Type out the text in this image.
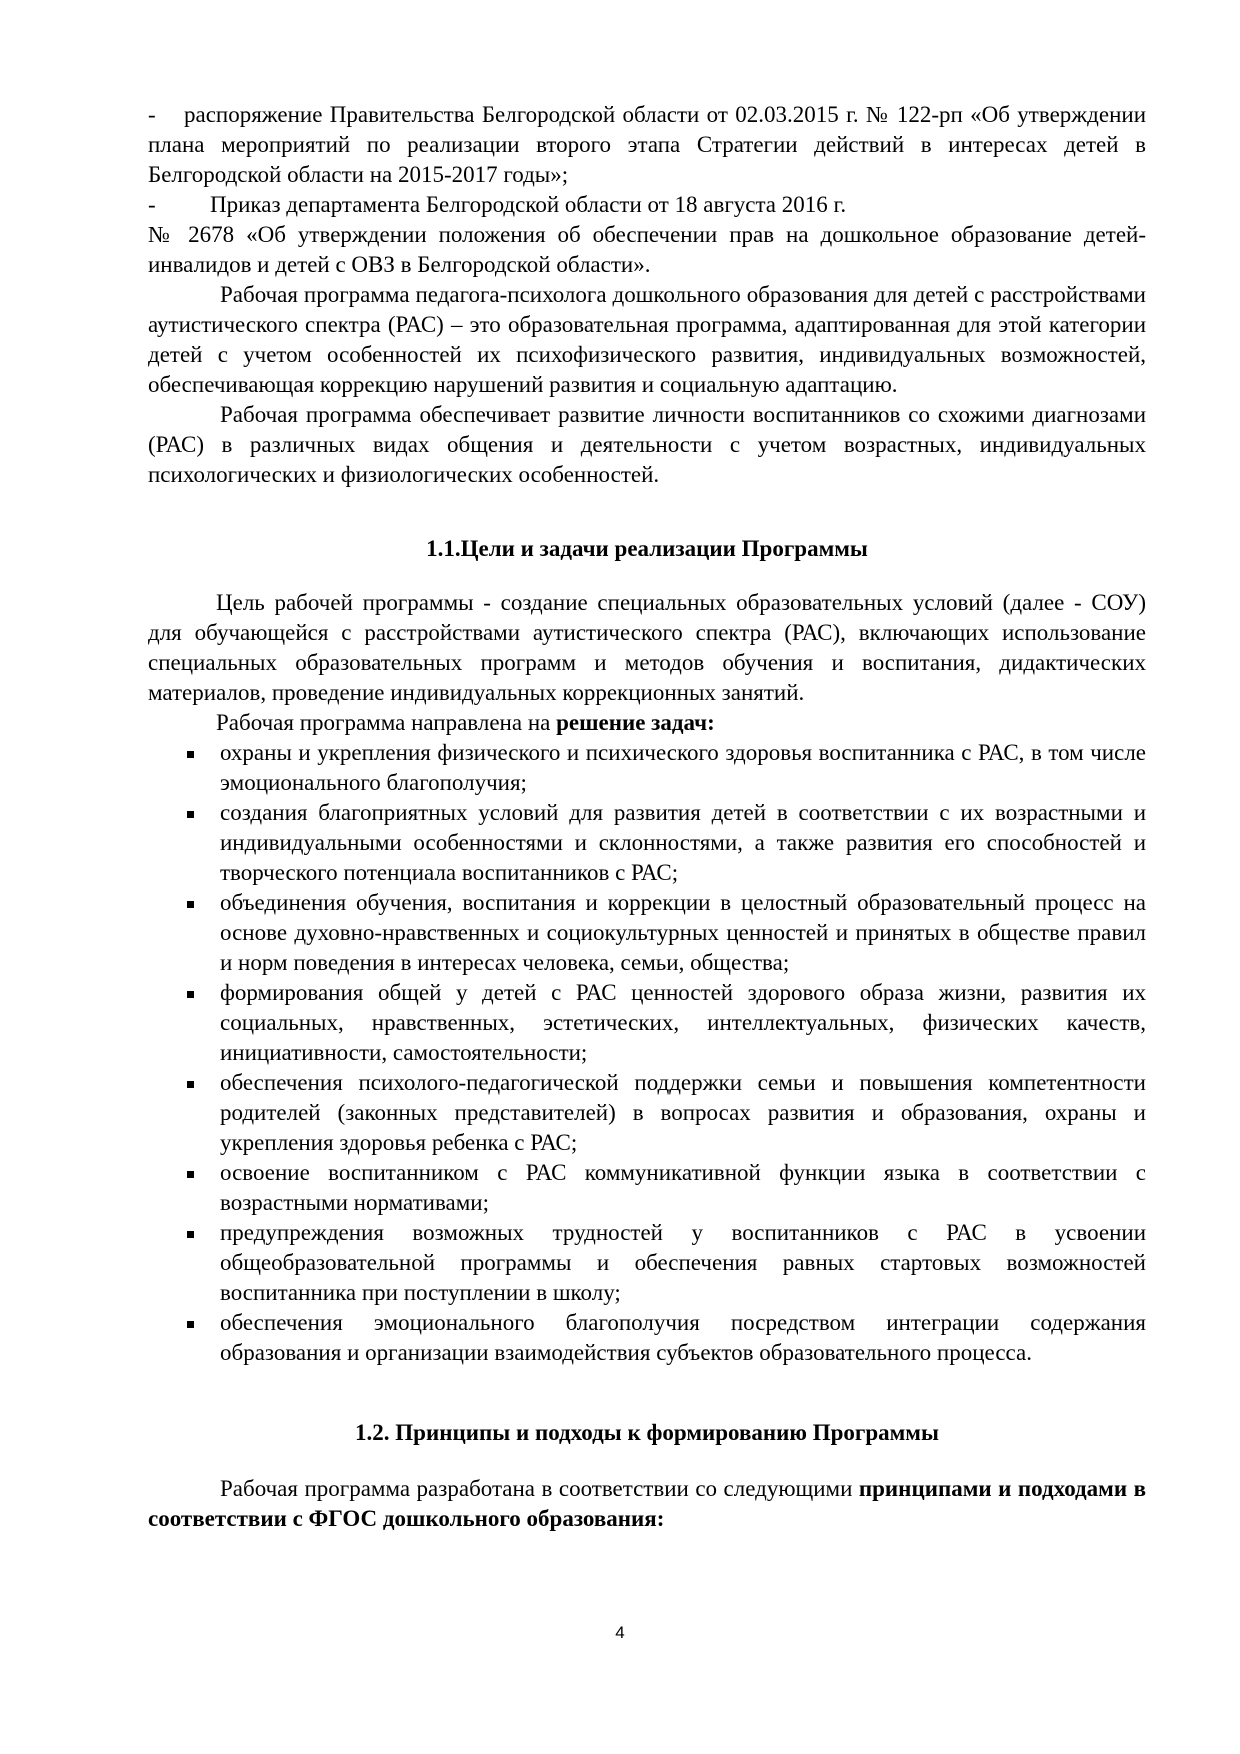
- распоряжение Правительства Белгородской области от 02.03.2015 г. № 122-рп «Об утверждении плана мероприятий по реализации второго этапа Стратегии действий в интересах детей в Белгородской области на 2015-2017 годы»;

- Приказ департамента Белгородской области от 18 августа 2016 г.

№ 2678 «Об утверждении положения об обеспечении прав на дошкольное образование детей-инвалидов и детей с ОВЗ в Белгородской области».

Рабочая программа педагога-психолога дошкольного образования для детей с расстройствами аутистического спектра (РАС) – это образовательная программа, адаптированная для этой категории детей с учетом особенностей их психофизического развития, индивидуальных возможностей, обеспечивающая коррекцию нарушений развития и социальную адаптацию.

Рабочая программа обеспечивает развитие личности воспитанников со схожими диагнозами (РАС) в различных видах общения и деятельности с учетом возрастных, индивидуальных психологических и физиологических особенностей.

1.1.Цели и задачи реализации Программы

Цель рабочей программы - создание специальных образовательных условий (далее - СОУ) для обучающейся с расстройствами аутистического спектра (РАС), включающих использование специальных образовательных программ и методов обучения и воспитания, дидактических материалов, проведение индивидуальных коррекционных занятий.

Рабочая программа направлена на решение задач:

охраны и укрепления физического и психического здоровья воспитанника с РАС, в том числе эмоционального благополучия;
создания благоприятных условий для развития детей в соответствии с их возрастными и индивидуальными особенностями и склонностями, а также развития его способностей и творческого потенциала воспитанников с РАС;
объединения обучения, воспитания и коррекции в целостный образовательный процесс на основе духовно-нравственных и социокультурных ценностей и принятых в обществе правил и норм поведения в интересах человека, семьи, общества;
формирования общей у детей с РАС ценностей здорового образа жизни, развития их социальных, нравственных, эстетических, интеллектуальных, физических качеств, инициативности, самостоятельности;
обеспечения психолого-педагогической поддержки семьи и повышения компетентности родителей (законных представителей) в вопросах развития и образования, охраны и укрепления здоровья ребенка с РАС;
освоение воспитанником с РАС коммуникативной функции языка в соответствии с возрастными нормативами;
предупреждения возможных трудностей у воспитанников с РАС в усвоении общеобразовательной программы и обеспечения равных стартовых возможностей воспитанника при поступлении в школу;
обеспечения эмоционального благополучия посредством интеграции содержания образования и организации взаимодействия субъектов образовательного процесса.
1.2. Принципы и подходы к формированию Программы

Рабочая программа разработана в соответствии со следующими принципами и подходами в соответствии с ФГОС дошкольного образования:

4
